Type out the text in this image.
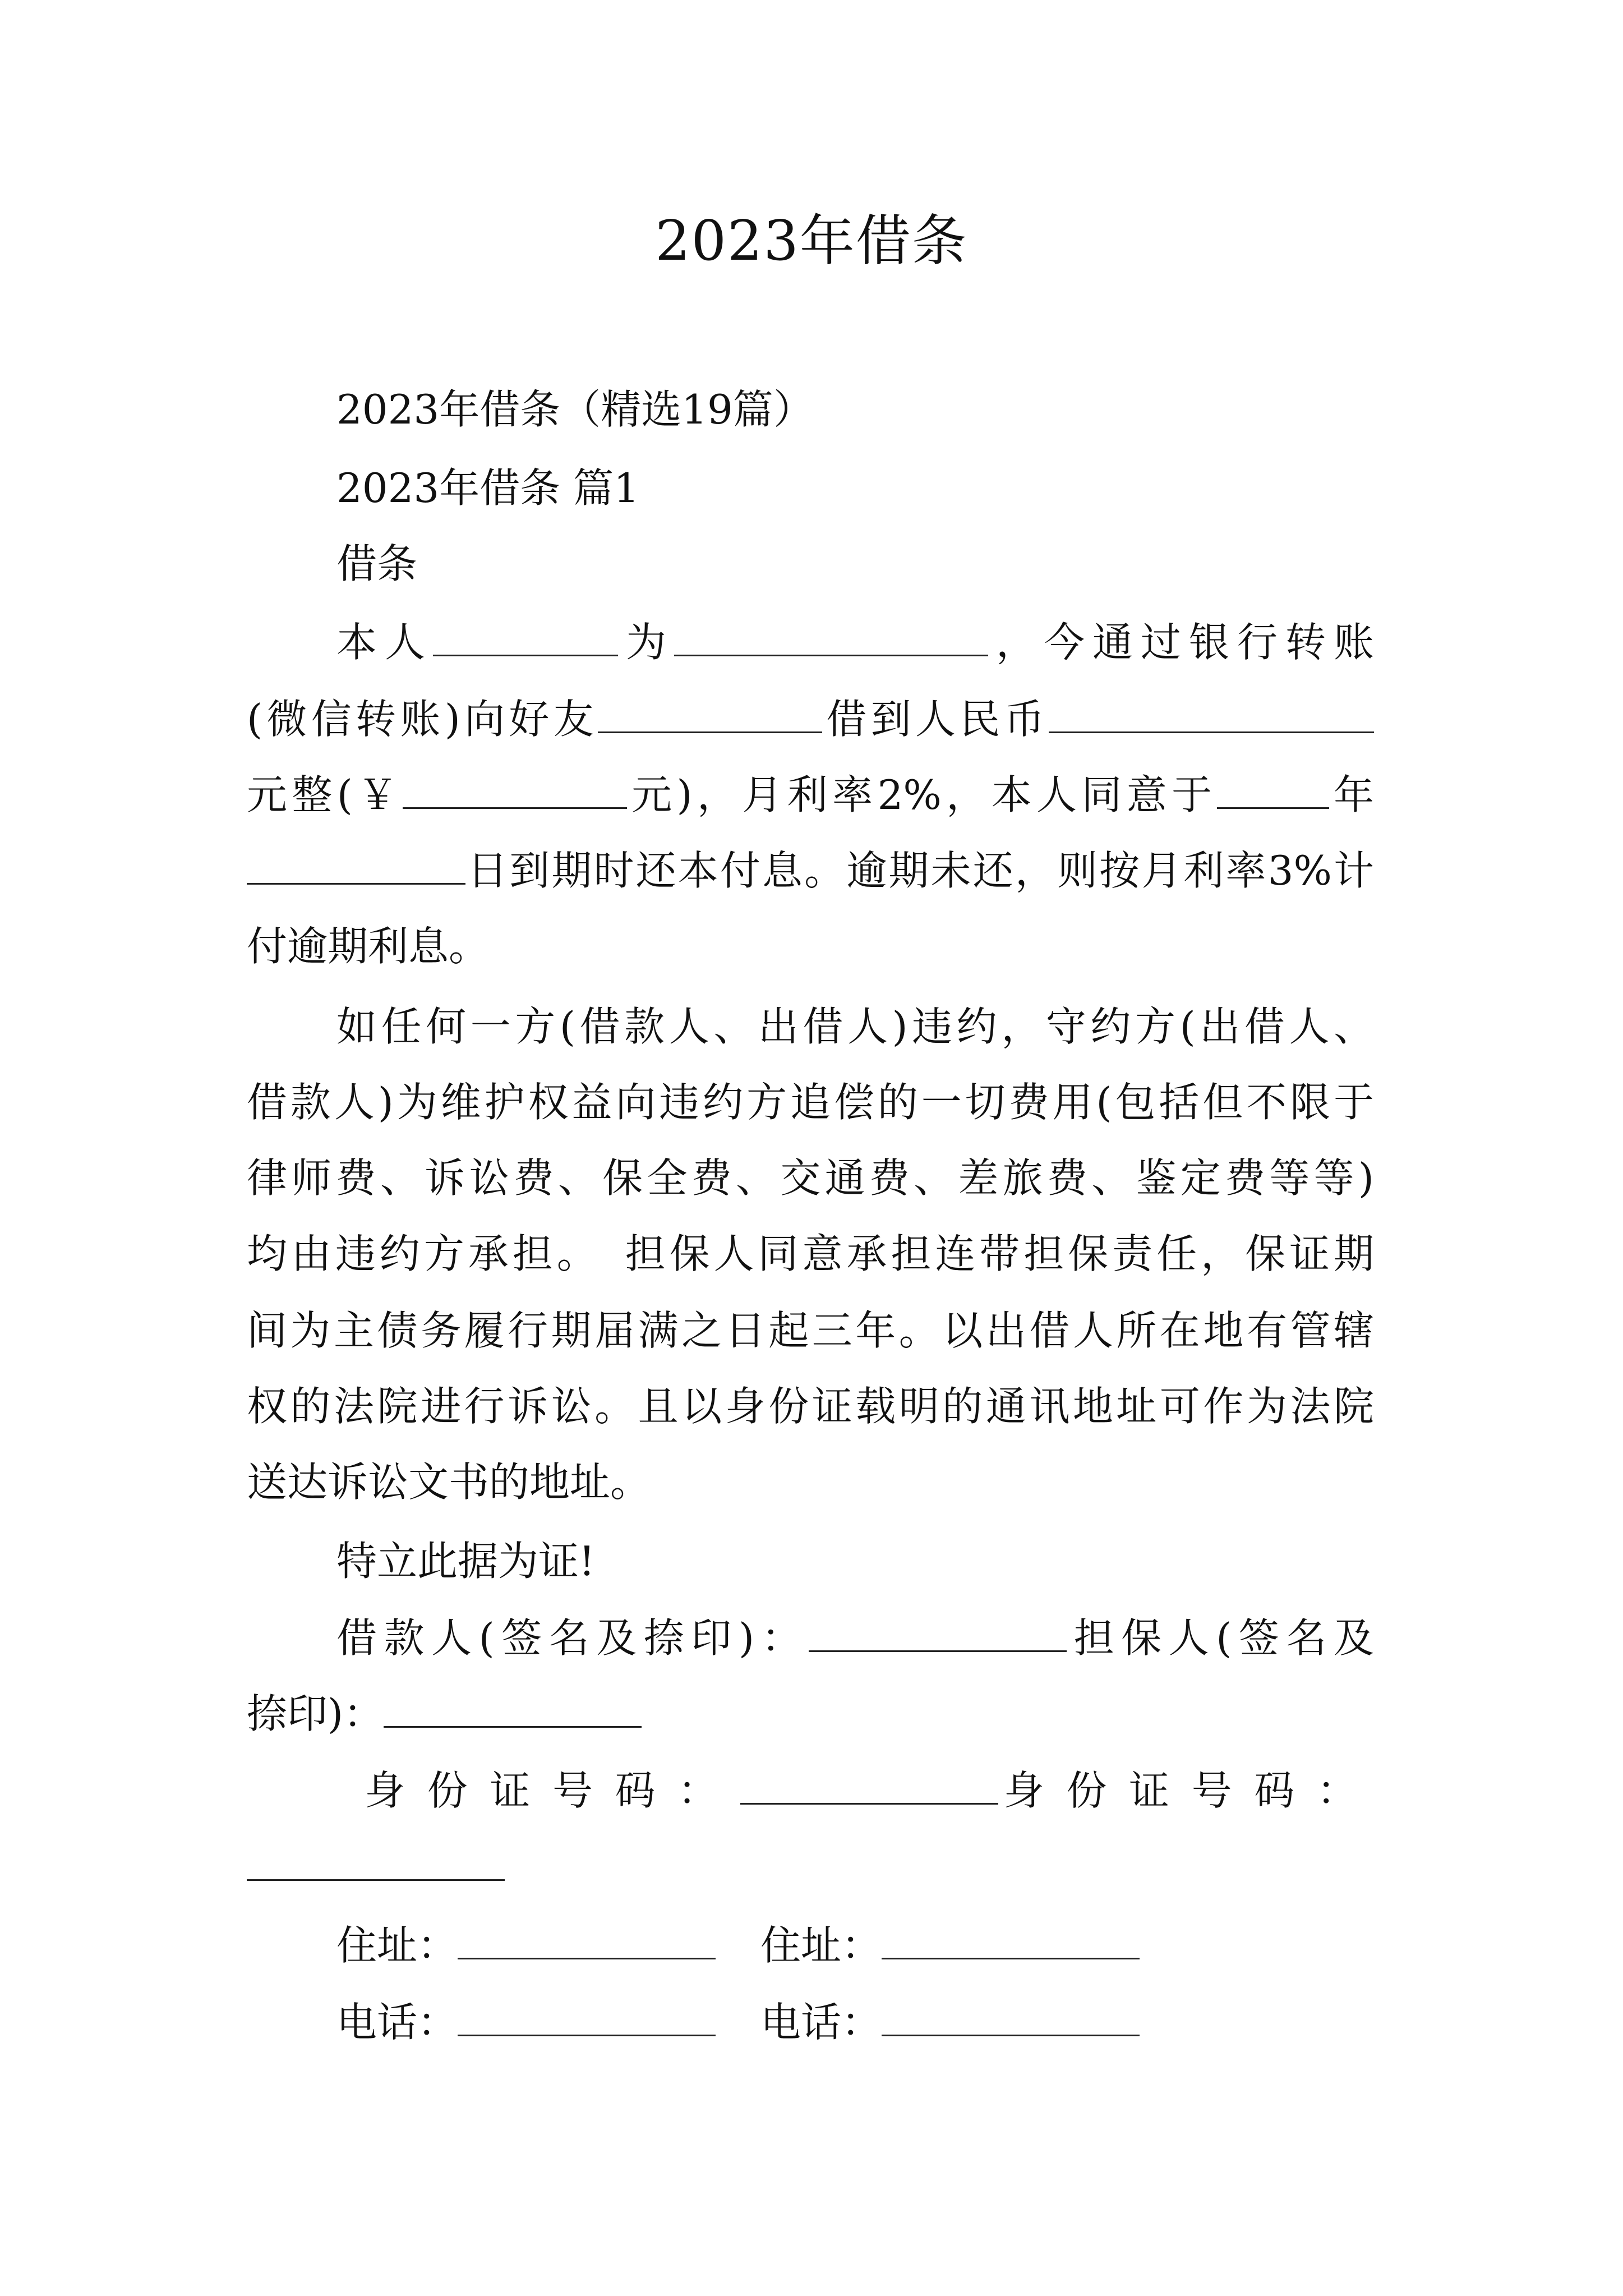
2023年借条
2023年借条（精选19篇）
2023年借条 篇1
借条
本人	为	，今通过银行转账
(微信转账)向好友	借到人民币
元整(￥	元)，月利率2%，本人同意于	年
日到期时还本付息。逾期未还，则按月利率3%计
付逾期利息。
如任何一方(借款人、出借人)违约，守约方(出借人、
借款人)为维护权益向违约方追偿的一切费用(包括但不限于
律师费、诉讼费、保全费、交通费、差旅费、鉴定费等等)
均由违约方承担。　担保人同意承担连带担保责任，保证期
间为主债务履行期届满之日起三年。以出借人所在地有管辖
权的法院进行诉讼。且以身份证载明的通讯地址可作为法院
送达诉讼文书的地址。
特立此据为证!
借款人(签名及捺印)：	担保人(签名及
捺印)：
身份证号码：	身份证号码：
住址：	住址：
电话：	电话：
